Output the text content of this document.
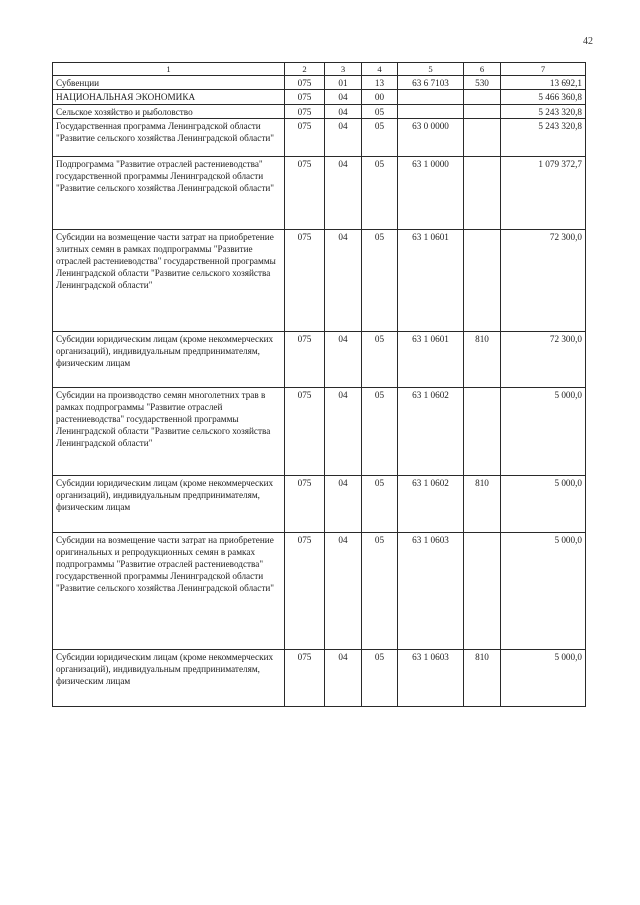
42
1	2	3	4	5	6	7
Субвенции	075	01	13	63 6 7103	530	13 692,1
НАЦИОНАЛЬНАЯ ЭКОНОМИКА	075	04	00			5 466 360,8
Сельское хозяйство и рыболовство	075	04	05			5 243 320,8
Государственная программа Ленинградской области "Развитие сельского хозяйства Ленинградской области"	075	04	05	63 0 0000		5 243 320,8
Подпрограмма "Развитие отраслей растениеводства" государственной программы Ленинградской области "Развитие сельского хозяйства Ленинградской области"	075	04	05	63 1 0000		1 079 372,7
Субсидии на возмещение части затрат на приобретение элитных семян в рамках подпрограммы "Развитие отраслей растениеводства" государственной программы Ленинградской области "Развитие сельского хозяйства Ленинградской области"	075	04	05	63 1 0601		72 300,0
Субсидии юридическим лицам (кроме некоммерческих организаций), индивидуальным предпринимателям, физическим лицам	075	04	05	63 1 0601	810	72 300,0
Субсидии на производство семян многолетних трав в рамках подпрограммы "Развитие отраслей растениеводства" государственной программы Ленинградской области "Развитие сельского хозяйства Ленинградской области"	075	04	05	63 1 0602		5 000,0
Субсидии юридическим лицам (кроме некоммерческих организаций), индивидуальным предпринимателям, физическим лицам	075	04	05	63 1 0602	810	5 000,0
Субсидии на возмещение части затрат на приобретение оригинальных и репродукционных семян в рамках подпрограммы "Развитие отраслей растениеводства" государственной программы Ленинградской области "Развитие сельского хозяйства Ленинградской области"	075	04	05	63 1 0603		5 000,0
Субсидии юридическим лицам (кроме некоммерческих организаций), индивидуальным предпринимателям, физическим лицам	075	04	05	63 1 0603	810	5 000,0
